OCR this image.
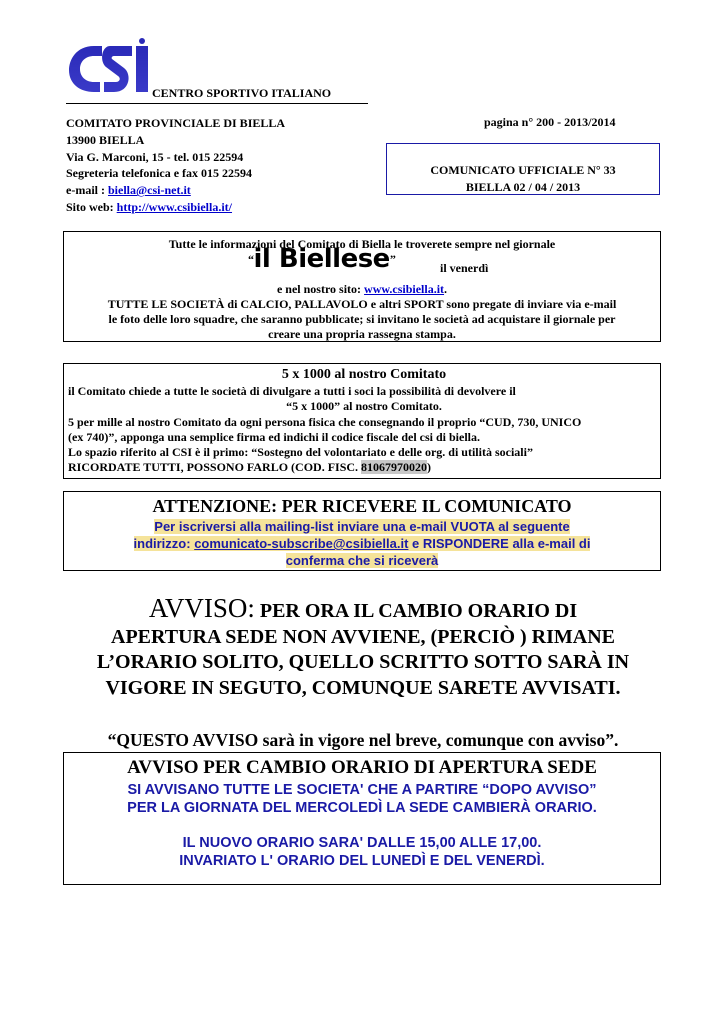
CENTRO SPORTIVO ITALIANO
COMITATO PROVINCIALE DI BIELLA
13900 BIELLA
Via G. Marconi, 15 - tel. 015 22594
Segreteria telefonica e fax 015 22594
e-mail : biella@csi-net.it
Sito web: http://www.csibiella.it/
pagina n° 200 - 2013/2014
COMUNICATO UFFICIALE N° 33
BIELLA 02 / 04 / 2013
Tutte le informazioni del Comitato di Biella le troverete sempre nel giornale
“il Biellese”
il venerdì
e nel nostro sito: www.csibiella.it.
TUTTE LE SOCIETÀ di CALCIO, PALLAVOLO e altri SPORT sono pregate di inviare via e-mail
le foto delle loro squadre, che saranno pubblicate; si invitano le società ad acquistare il giornale per
creare una propria rassegna stampa.
5 x 1000 al nostro Comitato
il Comitato chiede a tutte le società di divulgare a tutti i soci la possibilità di devolvere il
“5 x 1000” al nostro Comitato.
5 per mille al nostro Comitato da ogni persona fisica che consegnando il proprio “CUD, 730, UNICO
(ex 740)”, apponga una semplice firma ed indichi il codice fiscale del csi di biella.
Lo spazio riferito al CSI è il primo: “Sostegno del volontariato e delle org. di utilità sociali”
RICORDATE TUTTI, POSSONO FARLO (COD. FISC. 81067970020)
ATTENZIONE: PER RICEVERE IL COMUNICATO
Per iscriversi alla mailing-list inviare una e-mail VUOTA al seguente
indirizzo: comunicato-subscribe@csibiella.it e RISPONDERE alla e-mail di
conferma che si riceverà
AVVISO: PER ORA IL CAMBIO ORARIO DI
APERTURA SEDE NON AVVIENE, (PERCIÒ ) RIMANE
L’ORARIO SOLITO, QUELLO SCRITTO SOTTO SARÀ IN
VIGORE IN SEGUTO, COMUNQUE SARETE AVVISATI.
“QUESTO AVVISO sarà in vigore nel breve, comunque con avviso”.
AVVISO PER CAMBIO ORARIO DI APERTURA SEDE
SI AVVISANO TUTTE LE SOCIETA' CHE A PARTIRE “DOPO AVVISO”
PER LA GIORNATA DEL MERCOLEDÌ LA SEDE CAMBIERÀ ORARIO.
IL NUOVO ORARIO SARA' DALLE 15,00 ALLE 17,00.
INVARIATO L' ORARIO DEL LUNEDÌ E DEL VENERDÌ.
